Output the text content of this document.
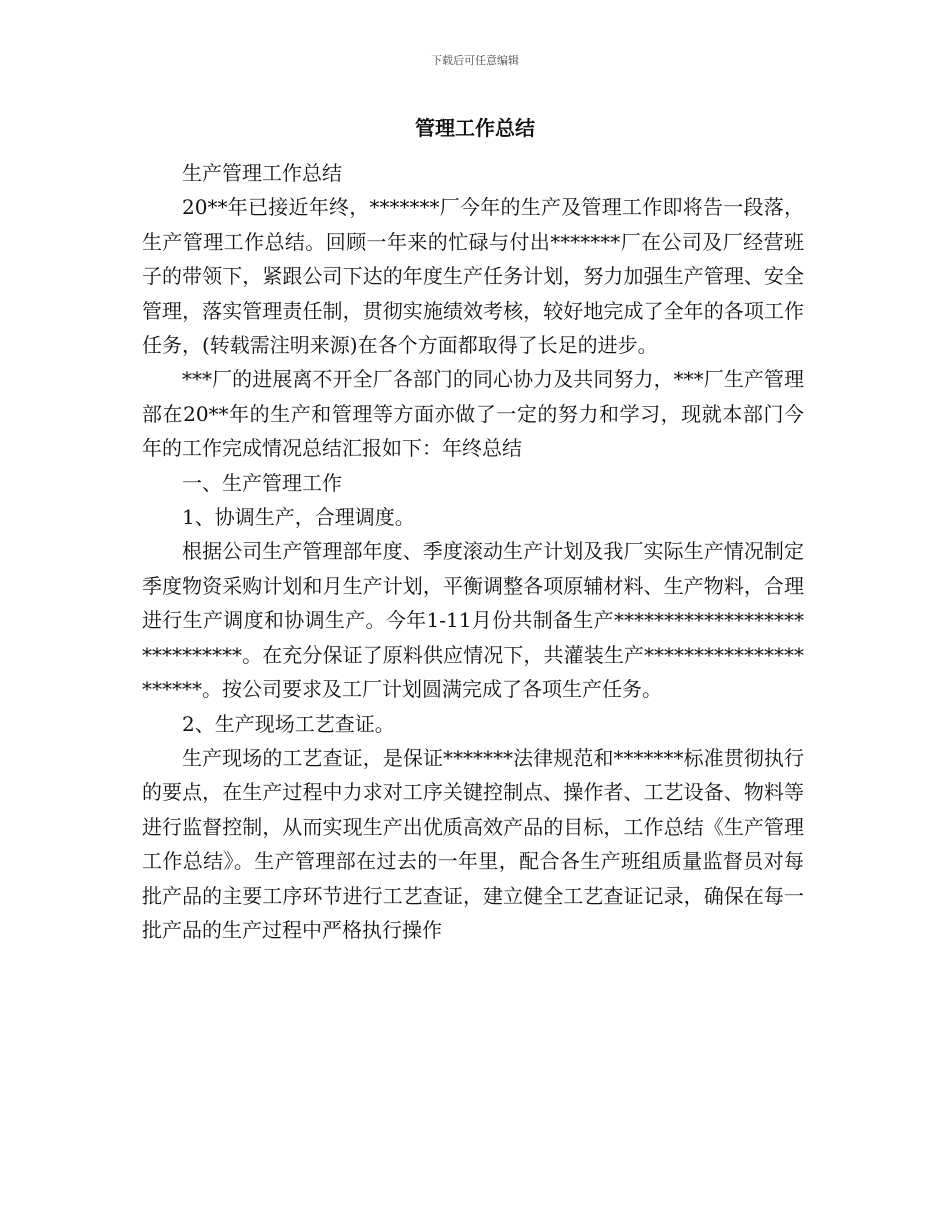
下载后可任意编辑
管理工作总结

生产管理工作总结

20**年已接近年终，*******厂今年的生产及管理工作即将告一段落，生产管理工作总结。回顾一年来的忙碌与付出*******厂在公司及厂经营班子的带领下，紧跟公司下达的年度生产任务计划，努力加强生产管理、安全管理，落实管理责任制，贯彻实施绩效考核，较好地完成了全年的各项工作任务，(转载需注明来源)在各个方面都取得了长足的进步。

***厂的进展离不开全厂各部门的同心协力及共同努力，***厂生产管理部在20**年的生产和管理等方面亦做了一定的努力和学习，现就本部门今年的工作完成情况总结汇报如下：年终总结

一、生产管理工作

1、协调生产，合理调度。

根据公司生产管理部年度、季度滚动生产计划及我厂实际生产情况制定季度物资采购计划和月生产计划，平衡调整各项原辅材料、生产物料，合理进行生产调度和协调生产。今年1-11月份共制备生产*****************************。在充分保证了原料供应情况下，共灌装生产**********************。按公司要求及工厂计划圆满完成了各项生产任务。

2、生产现场工艺查证。

生产现场的工艺查证，是保证*******法律规范和*******标准贯彻执行的要点，在生产过程中力求对工序关键控制点、操作者、工艺设备、物料等进行监督控制，从而实现生产出优质高效产品的目标，工作总结《生产管理工作总结》。生产管理部在过去的一年里，配合各生产班组质量监督员对每批产品的主要工序环节进行工艺查证，建立健全工艺查证记录，确保在每一批产品的生产过程中严格执行操作
